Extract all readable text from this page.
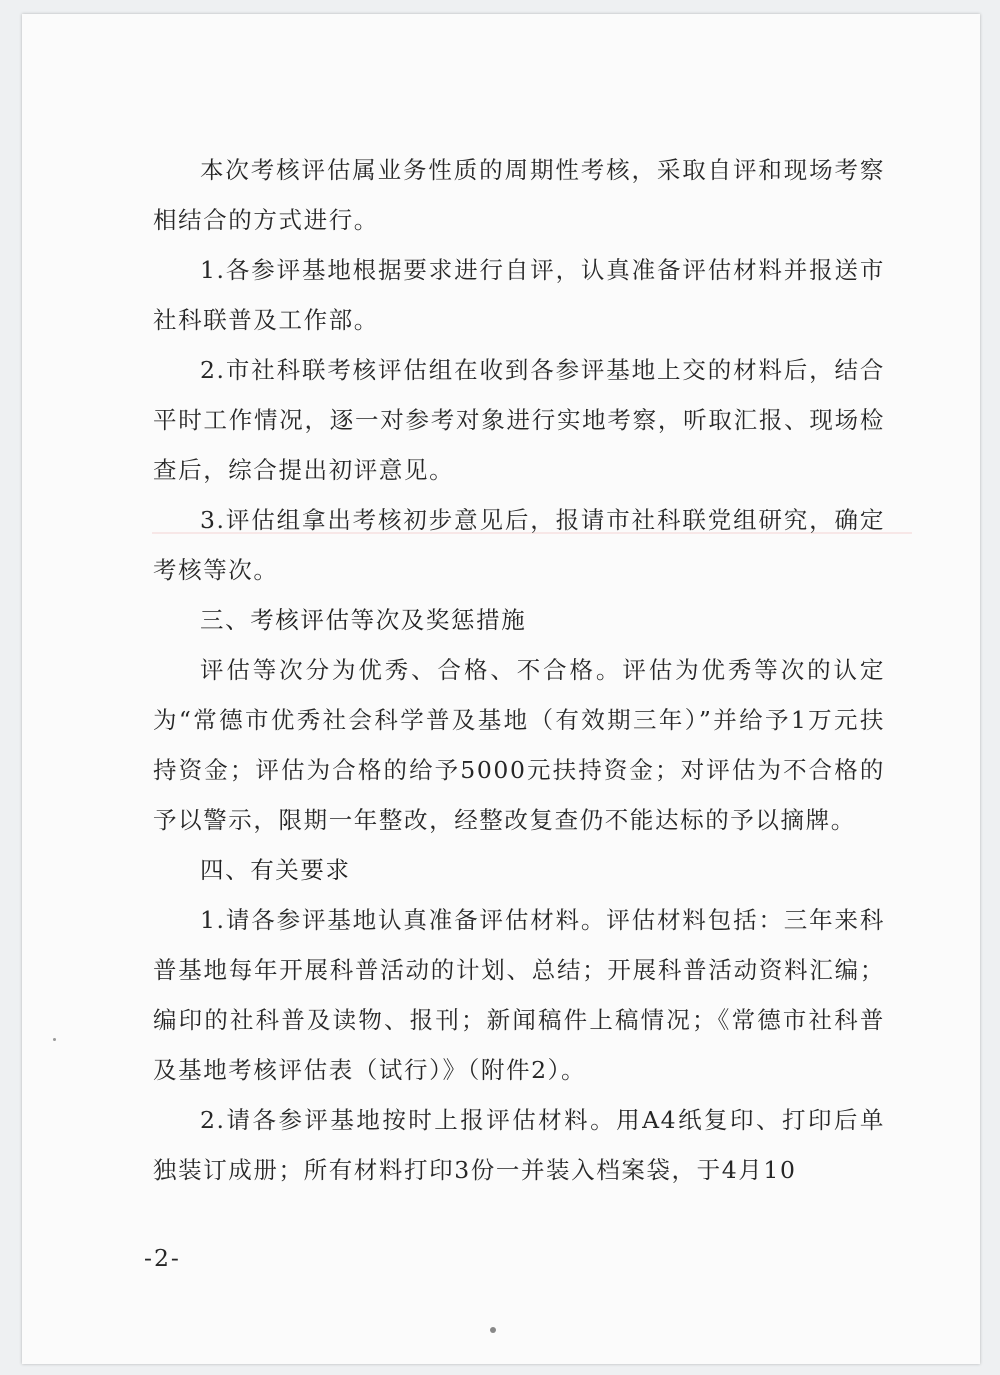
本次考核评估属业务性质的周期性考核，采取自评和现场考察相结合的方式进行。

1.各参评基地根据要求进行自评，认真准备评估材料并报送市社科联普及工作部。

2.市社科联考核评估组在收到各参评基地上交的材料后，结合平时工作情况，逐一对参考对象进行实地考察，听取汇报、现场检查后，综合提出初评意见。

3.评估组拿出考核初步意见后，报请市社科联党组研究，确定考核等次。

三、考核评估等次及奖惩措施

评估等次分为优秀、合格、不合格。评估为优秀等次的认定为“常德市优秀社会科学普及基地（有效期三年）”并给予1万元扶持资金；评估为合格的给予5000元扶持资金；对评估为不合格的予以警示，限期一年整改，经整改复查仍不能达标的予以摘牌。

四、有关要求

1.请各参评基地认真准备评估材料。评估材料包括：三年来科普基地每年开展科普活动的计划、总结；开展科普活动资料汇编；编印的社科普及读物、报刊；新闻稿件上稿情况；《常德市社科普及基地考核评估表（试行）》（附件2）。

2.请各参评基地按时上报评估材料。用A4纸复印、打印后单独装订成册；所有材料打印3份一并装入档案袋，于4月10

-2-
